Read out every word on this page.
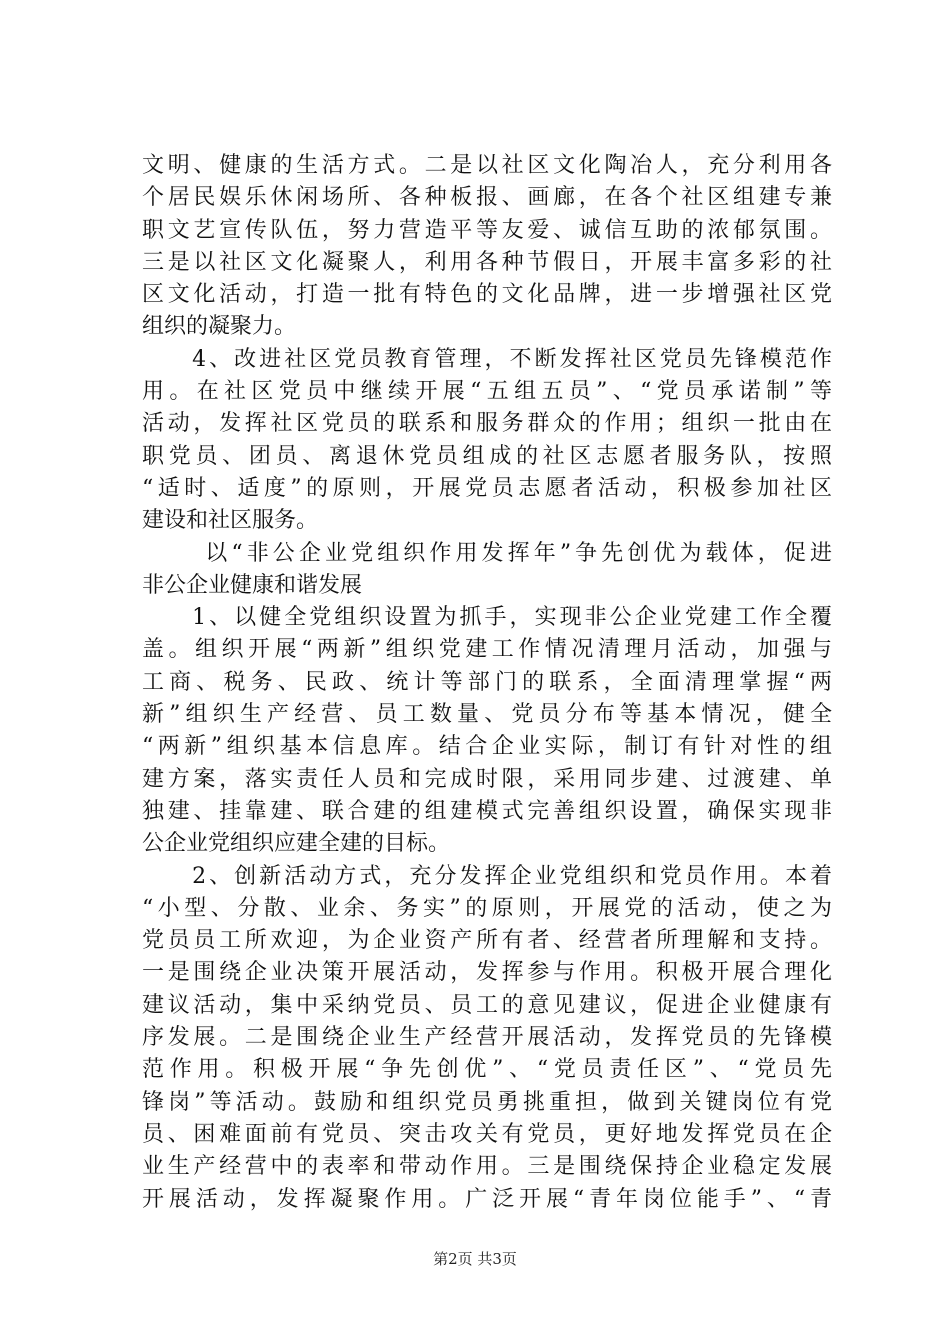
文明、健康的生活方式。二是以社区文化陶冶人，充分利用各
个居民娱乐休闲场所、各种板报、画廊，在各个社区组建专兼
职文艺宣传队伍，努力营造平等友爱、诚信互助的浓郁氛围。
三是以社区文化凝聚人，利用各种节假日，开展丰富多彩的社
区文化活动，打造一批有特色的文化品牌，进一步增强社区党
组织的凝聚力。
　　4、改进社区党员教育管理，不断发挥社区党员先锋模范作
用。在社区党员中继续开展“五组五员”、“党员承诺制”等
活动，发挥社区党员的联系和服务群众的作用；组织一批由在
职党员、团员、离退休党员组成的社区志愿者服务队，按照
“适时、适度”的原则，开展党员志愿者活动，积极参加社区
建设和社区服务。
　　 以“非公企业党组织作用发挥年”争先创优为载体，促进
非公企业健康和谐发展
　　1、以健全党组织设置为抓手，实现非公企业党建工作全覆
盖。组织开展“两新”组织党建工作情况清理月活动，加强与
工商、税务、民政、统计等部门的联系，全面清理掌握“两
新”组织生产经营、员工数量、党员分布等基本情况，健全
“两新”组织基本信息库。结合企业实际，制订有针对性的组
建方案，落实责任人员和完成时限，采用同步建、过渡建、单
独建、挂靠建、联合建的组建模式完善组织设置，确保实现非
公企业党组织应建全建的目标。
　　2、创新活动方式，充分发挥企业党组织和党员作用。本着
“小型、分散、业余、务实”的原则，开展党的活动，使之为
党员员工所欢迎，为企业资产所有者、经营者所理解和支持。
一是围绕企业决策开展活动，发挥参与作用。积极开展合理化
建议活动，集中采纳党员、员工的意见建议，促进企业健康有
序发展。二是围绕企业生产经营开展活动，发挥党员的先锋模
范作用。积极开展“争先创优”、“党员责任区”、“党员先
锋岗”等活动。鼓励和组织党员勇挑重担，做到关键岗位有党
员、困难面前有党员、突击攻关有党员，更好地发挥党员在企
业生产经营中的表率和带动作用。三是围绕保持企业稳定发展
开展活动，发挥凝聚作用。广泛开展“青年岗位能手”、“青
第2页 共3页
